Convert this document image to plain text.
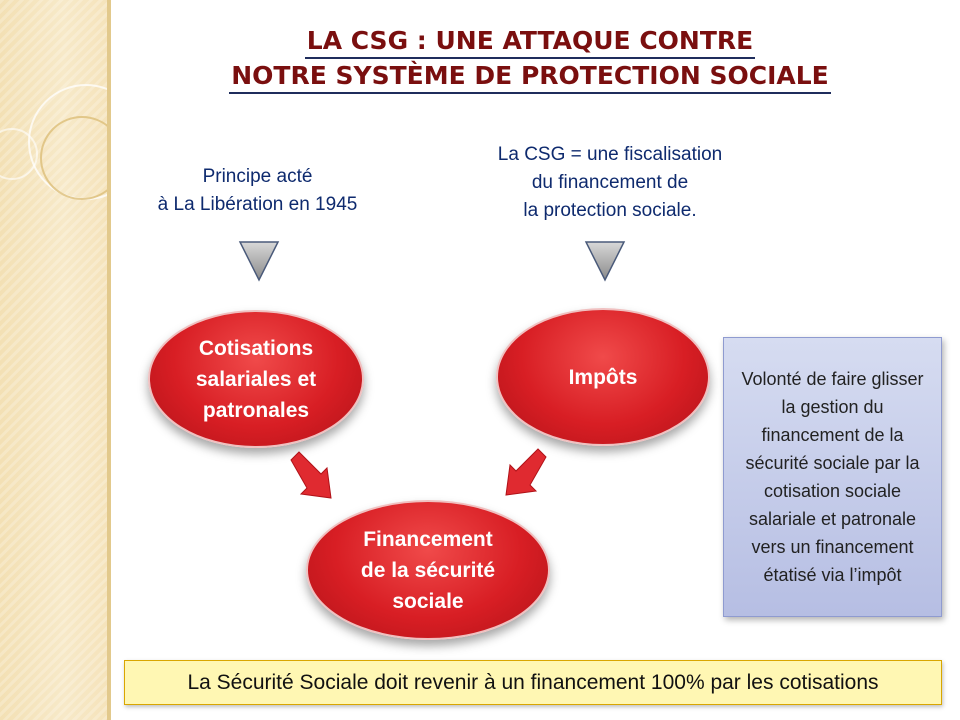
LA CSG : UNE ATTAQUE CONTRE
NOTRE SYSTÈME DE PROTECTION SOCIALE
Principe acté
à La Libération en 1945
La CSG = une fiscalisation
du financement de
la protection sociale.
Cotisations
salariales et
patronales
Impôts
Financement
de la sécurité
sociale
Volonté de faire glisser la gestion du financement de la sécurité sociale par la cotisation sociale salariale et patronale vers un financement étatisé via l’impôt
La Sécurité Sociale doit revenir à un financement 100% par les cotisations
